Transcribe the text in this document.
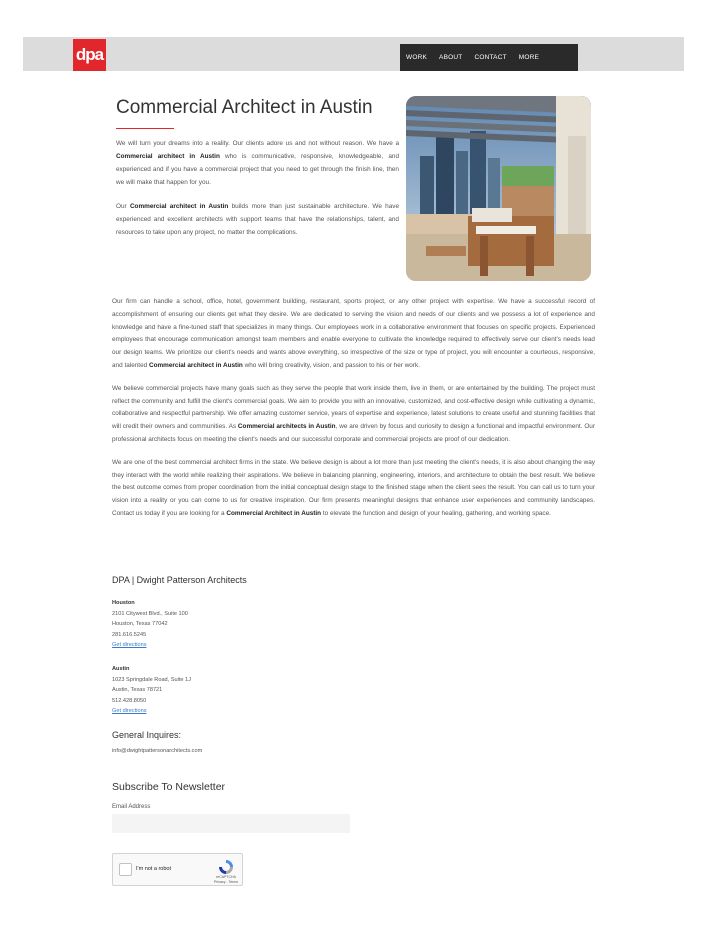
dpa	WORK ABOUT CONTACT MORE
Commercial Architect in Austin

We will turn your dreams into a reality. Our clients adore us and not without reason. We have a Commercial architect in Austin who is communicative, responsive, knowledgeable, and experienced and if you have a commercial project that you need to get through the finish line, then we will make that happen for you.

Our Commercial architect in Austin builds more than just sustainable architecture. We have experienced and excellent architects with support teams that have the relationships, talent, and resources to take upon any project, no matter the complications.

Our firm can handle a school, office, hotel, government building, restaurant, sports project, or any other project with expertise. We have a successful record of accomplishment of ensuring our clients get what they desire. We are dedicated to serving the vision and needs of our clients and we possess a lot of experience and knowledge and have a fine-tuned staff that specializes in many things. Our employees work in a collaborative environment that focuses on specific projects. Experienced employees that encourage communication amongst team members and enable everyone to cultivate the knowledge required to effectively serve our client's needs lead our design teams. We prioritize our client's needs and wants above everything, so irrespective of the size or type of project, you will encounter a courteous, responsive, and talented Commercial architect in Austin who will bring creativity, vision, and passion to his or her work.

We believe commercial projects have many goals such as they serve the people that work inside them, live in them, or are entertained by the building. The project must reflect the community and fulfill the client's commercial goals. We aim to provide you with an innovative, customized, and cost-effective design while cultivating a dynamic, collaborative and respectful partnership. We offer amazing customer service, years of expertise and experience, latest solutions to create useful and stunning facilities that will credit their owners and communities. As Commercial architects in Austin, we are driven by focus and curiosity to design a functional and impactful environment. Our professional architects focus on meeting the client's needs and our successful corporate and commercial projects are proof of our dedication.

We are one of the best commercial architect firms in the state. We believe design is about a lot more than just meeting the client's needs, it is also about changing the way they interact with the world while realizing their aspirations. We believe in balancing planning, engineering, interiors, and architecture to obtain the best result. We believe the best outcome comes from proper coordination from the initial conceptual design stage to the finished stage when the client sees the result. You can call us to turn your vision into a reality or you can come to us for creative inspiration. Our firm presents meaningful designs that enhance user experiences and community landscapes. Contact us today if you are looking for a Commercial Architect in Austin to elevate the function and design of your healing, gathering, and working space.

DPA | Dwight Patterson Architects
Houston
2101 Citywest Blvd., Suite 100
Houston, Texas 77042
281.616.5245
Get directions
Austin
1023 Springdale Road, Suite 1J
Austin, Texas 78721
512.428.8050
Get directions
General Inquires:
info@dwightpattersonarchitects.com
Subscribe To Newsletter
Email Address
I'm not a robot
reCAPTCHA
Privacy - Terms
